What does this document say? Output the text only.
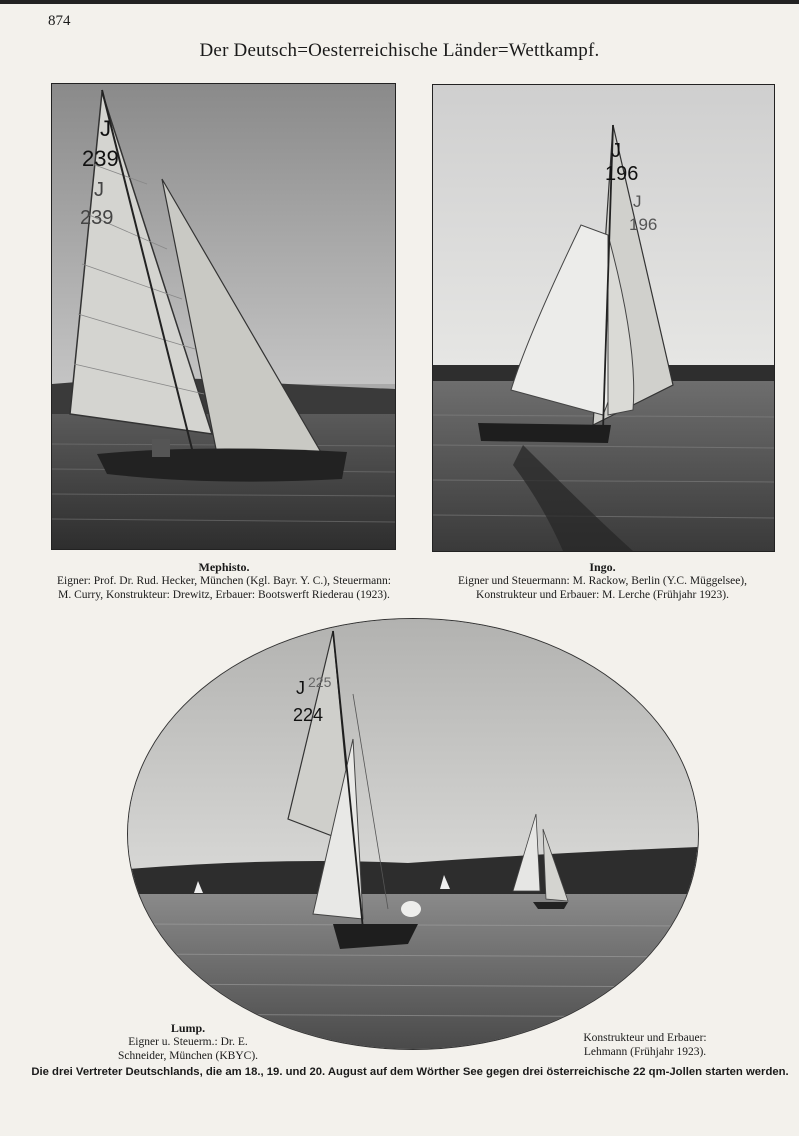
874
Der Deutsch=Oesterreichische Länder=Wettkampf.
J
239
J
239
J
196
J
196
Mephisto.
Eigner: Prof. Dr. Rud. Hecker, München (Kgl. Bayr. Y. C.), Steuermann:
M. Curry, Konstrukteur: Drewitz, Erbauer: Bootswerft Riederau (1923).
Ingo.
Eigner und Steuermann: M. Rackow, Berlin (Y.C. Müggelsee),
Konstrukteur und Erbauer: M. Lerche (Frühjahr 1923).
J
224
225
Lump.
Eigner u. Steuerm.: Dr. E.
Schneider, München (KBYC).
Konstrukteur und Erbauer:
Lehmann (Frühjahr 1923).
Die drei Vertreter Deutschlands, die am 18., 19. und 20. August auf dem Wörther See gegen drei österreichische 22 qm-Jollen starten werden.
